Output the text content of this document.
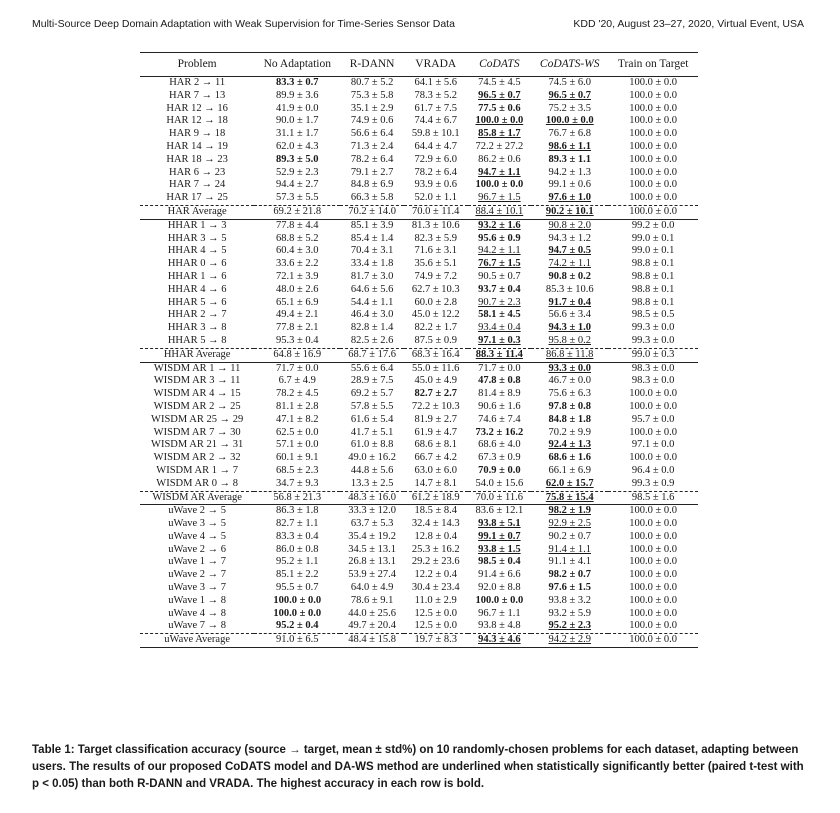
Multi-Source Deep Domain Adaptation with Weak Supervision for Time-Series Sensor Data	KDD '20, August 23–27, 2020, Virtual Event, USA
Problem	No Adaptation	R-DANN	VRADA	CoDATS	CoDATS-WS	Train on Target
HAR 2 → 11	83.3 ± 0.7	80.7 ± 5.2	64.1 ± 5.6	74.5 ± 4.5	74.5 ± 6.0	100.0 ± 0.0
HAR 7 → 13	89.9 ± 3.6	75.3 ± 5.8	78.3 ± 5.2	96.5 ± 0.7	96.5 ± 0.7	100.0 ± 0.0
HAR 12 → 16	41.9 ± 0.0	35.1 ± 2.9	61.7 ± 7.5	77.5 ± 0.6	75.2 ± 3.5	100.0 ± 0.0
HAR 12 → 18	90.0 ± 1.7	74.9 ± 0.6	74.4 ± 6.7	100.0 ± 0.0	100.0 ± 0.0	100.0 ± 0.0
HAR 9 → 18	31.1 ± 1.7	56.6 ± 6.4	59.8 ± 10.1	85.8 ± 1.7	76.7 ± 6.8	100.0 ± 0.0
HAR 14 → 19	62.0 ± 4.3	71.3 ± 2.4	64.4 ± 4.7	72.2 ± 27.2	98.6 ± 1.1	100.0 ± 0.0
HAR 18 → 23	89.3 ± 5.0	78.2 ± 6.4	72.9 ± 6.0	86.2 ± 0.6	89.3 ± 1.1	100.0 ± 0.0
HAR 6 → 23	52.9 ± 2.3	79.1 ± 2.7	78.2 ± 6.4	94.7 ± 1.1	94.2 ± 1.3	100.0 ± 0.0
HAR 7 → 24	94.4 ± 2.7	84.8 ± 6.9	93.9 ± 0.6	100.0 ± 0.0	99.1 ± 0.6	100.0 ± 0.0
HAR 17 → 25	57.3 ± 5.5	66.3 ± 5.8	52.0 ± 1.1	96.7 ± 1.5	97.6 ± 1.0	100.0 ± 0.0
HAR Average	69.2 ± 21.8	70.2 ± 14.0	70.0 ± 11.4	88.4 ± 10.1	90.2 ± 10.1	100.0 ± 0.0
HHAR 1 → 3	77.8 ± 4.4	85.1 ± 3.9	81.3 ± 10.6	93.2 ± 1.6	90.8 ± 2.0	99.2 ± 0.0
HHAR 3 → 5	68.8 ± 5.2	85.4 ± 1.4	82.3 ± 5.9	95.6 ± 0.9	94.3 ± 1.2	99.0 ± 0.1
HHAR 4 → 5	60.4 ± 3.0	70.4 ± 3.1	71.6 ± 3.1	94.2 ± 1.1	94.7 ± 0.5	99.0 ± 0.1
HHAR 0 → 6	33.6 ± 2.2	33.4 ± 1.8	35.6 ± 5.1	76.7 ± 1.5	74.2 ± 1.1	98.8 ± 0.1
HHAR 1 → 6	72.1 ± 3.9	81.7 ± 3.0	74.9 ± 7.2	90.5 ± 0.7	90.8 ± 0.2	98.8 ± 0.1
HHAR 4 → 6	48.0 ± 2.6	64.6 ± 5.6	62.7 ± 10.3	93.7 ± 0.4	85.3 ± 10.6	98.8 ± 0.1
HHAR 5 → 6	65.1 ± 6.9	54.4 ± 1.1	60.0 ± 2.8	90.7 ± 2.3	91.7 ± 0.4	98.8 ± 0.1
HHAR 2 → 7	49.4 ± 2.1	46.4 ± 3.0	45.0 ± 12.2	58.1 ± 4.5	56.6 ± 3.4	98.5 ± 0.5
HHAR 3 → 8	77.8 ± 2.1	82.8 ± 1.4	82.2 ± 1.7	93.4 ± 0.4	94.3 ± 1.0	99.3 ± 0.0
HHAR 5 → 8	95.3 ± 0.4	82.5 ± 2.6	87.5 ± 0.9	97.1 ± 0.3	95.8 ± 0.2	99.3 ± 0.0
HHAR Average	64.8 ± 16.9	68.7 ± 17.6	68.3 ± 16.4	88.3 ± 11.4	86.8 ± 11.8	99.0 ± 0.3
WISDM AR 1 → 11	71.7 ± 0.0	55.6 ± 6.4	55.0 ± 11.6	71.7 ± 0.0	93.3 ± 0.0	98.3 ± 0.0
WISDM AR 3 → 11	6.7 ± 4.9	28.9 ± 7.5	45.0 ± 4.9	47.8 ± 0.8	46.7 ± 0.0	98.3 ± 0.0
WISDM AR 4 → 15	78.2 ± 4.5	69.2 ± 5.7	82.7 ± 2.7	81.4 ± 8.9	75.6 ± 6.3	100.0 ± 0.0
WISDM AR 2 → 25	81.1 ± 2.8	57.8 ± 5.5	72.2 ± 10.3	90.6 ± 1.6	97.8 ± 0.8	100.0 ± 0.0
WISDM AR 25 → 29	47.1 ± 8.2	61.6 ± 5.4	81.9 ± 2.7	74.6 ± 7.4	84.8 ± 1.8	95.7 ± 0.0
WISDM AR 7 → 30	62.5 ± 0.0	41.7 ± 5.1	61.9 ± 4.7	73.2 ± 16.2	70.2 ± 9.9	100.0 ± 0.0
WISDM AR 21 → 31	57.1 ± 0.0	61.0 ± 8.8	68.6 ± 8.1	68.6 ± 4.0	92.4 ± 1.3	97.1 ± 0.0
WISDM AR 2 → 32	60.1 ± 9.1	49.0 ± 16.2	66.7 ± 4.2	67.3 ± 0.9	68.6 ± 1.6	100.0 ± 0.0
WISDM AR 1 → 7	68.5 ± 2.3	44.8 ± 5.6	63.0 ± 6.0	70.9 ± 0.0	66.1 ± 6.9	96.4 ± 0.0
WISDM AR 0 → 8	34.7 ± 9.3	13.3 ± 2.5	14.7 ± 8.1	54.0 ± 15.6	62.0 ± 15.7	99.3 ± 0.9
WISDM AR Average	56.8 ± 21.3	48.3 ± 16.0	61.2 ± 18.9	70.0 ± 11.6	75.8 ± 15.4	98.5 ± 1.6
uWave 2 → 5	86.3 ± 1.8	33.3 ± 12.0	18.5 ± 8.4	83.6 ± 12.1	98.2 ± 1.9	100.0 ± 0.0
uWave 3 → 5	82.7 ± 1.1	63.7 ± 5.3	32.4 ± 14.3	93.8 ± 5.1	92.9 ± 2.5	100.0 ± 0.0
uWave 4 → 5	83.3 ± 0.4	35.4 ± 19.2	12.8 ± 0.4	99.1 ± 0.7	90.2 ± 0.7	100.0 ± 0.0
uWave 2 → 6	86.0 ± 0.8	34.5 ± 13.1	25.3 ± 16.2	93.8 ± 1.5	91.4 ± 1.1	100.0 ± 0.0
uWave 1 → 7	95.2 ± 1.1	26.8 ± 13.1	29.2 ± 23.6	98.5 ± 0.4	91.1 ± 4.1	100.0 ± 0.0
uWave 2 → 7	85.1 ± 2.2	53.9 ± 27.4	12.2 ± 0.4	91.4 ± 6.6	98.2 ± 0.7	100.0 ± 0.0
uWave 3 → 7	95.5 ± 0.7	64.0 ± 4.9	30.4 ± 23.4	92.0 ± 8.8	97.6 ± 1.5	100.0 ± 0.0
uWave 1 → 8	100.0 ± 0.0	78.6 ± 9.1	11.0 ± 2.9	100.0 ± 0.0	93.8 ± 3.2	100.0 ± 0.0
uWave 4 → 8	100.0 ± 0.0	44.0 ± 25.6	12.5 ± 0.0	96.7 ± 1.1	93.2 ± 5.9	100.0 ± 0.0
uWave 7 → 8	95.2 ± 0.4	49.7 ± 20.4	12.5 ± 0.0	93.8 ± 4.8	95.2 ± 2.3	100.0 ± 0.0
uWave Average	91.0 ± 6.5	48.4 ± 15.8	19.7 ± 8.3	94.3 ± 4.6	94.2 ± 2.9	100.0 ± 0.0
Table 1: Target classification accuracy (source → target, mean ± std%) on 10 randomly-chosen problems for each dataset, adapting between users. The results of our proposed CoDATS model and DA-WS method are underlined when statistically significantly better (paired t-test with p < 0.05) than both R-DANN and VRADA. The highest accuracy in each row is bold.
